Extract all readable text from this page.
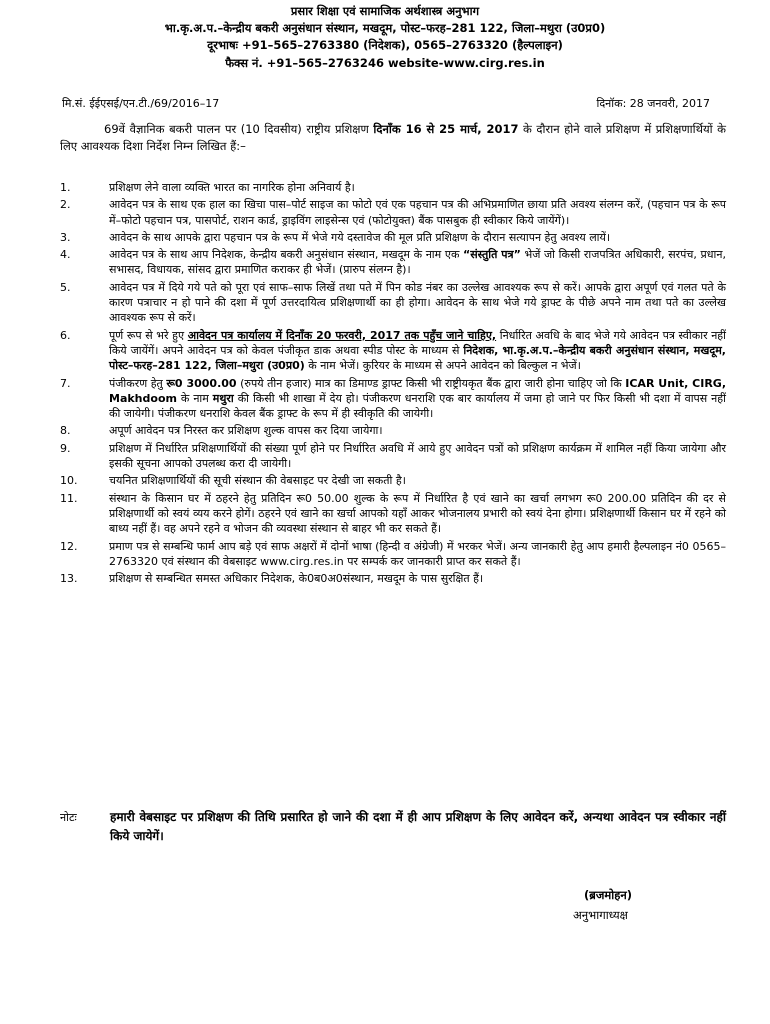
प्रसार शिक्षा एवं सामाजिक अर्थशास्त्र अनुभाग
भा.कृ.अ.प.–केन्द्रीय बकरी अनुसंधान संस्थान, मखदूम, पोस्ट–फरह–281 122, जिला–मथुरा (उ0प्र0)
दूरभाषः +91–565–2763380 (निदेशक), 0565–2763320 (हैल्पलाइन)
फैक्स नं. +91–565–2763246 website-www.cirg.res.in
मि.सं. ईईएसई/एन.टी./69/2016–17	दिनॉक: 28 जनवरी, 2017
69वें वैज्ञानिक बकरी पालन पर (10 दिवसीय) राष्ट्रीय प्रशिक्षण दिनॉंक 16 से 25 मार्च, 2017 के दौरान होने वाले प्रशिक्षण में प्रशिक्षणार्थियों के लिए आवश्यक दिशा निर्देश निम्न लिखित हैं:–
1.	प्रशिक्षण लेने वाला व्यक्ति भारत का नागरिक होना अनिवार्य है।
2.	आवेदन पत्र के साथ एक हाल का खिचा पास–पोर्ट साइज का फोटो एवं एक पहचान पत्र की अभिप्रमाणित छाया प्रति अवश्य संलग्न करें, (पहचान पत्र के रूप में–फोटो पहचान पत्र, पासपोर्ट, राशन कार्ड, ड्राइविंग लाइसेन्स एवं (फोटोयुक्त) बैंक पासबुक ही स्वीकार किये जायेंगें)।
3.	आवेदन के साथ आपके द्वारा पहचान पत्र के रूप में भेजे गये दस्तावेज की मूल प्रति प्रशिक्षण के दौरान सत्यापन हेतु अवश्य लायें।
4.	आवेदन पत्र के साथ आप निदेशक, केन्द्रीय बकरी अनुसंधान संस्थान, मखदूम के नाम एक “संस्तुति पत्र” भेजें जो किसी राजपत्रित अधिकारी, सरपंच, प्रधान, सभासद, विधायक, सांसद द्वारा प्रमाणित कराकर ही भेजें। (प्रारुप संलग्न है)।
5.	आवेदन पत्र में दिये गये पते को पूरा एवं साफ–साफ लिखें तथा पते में पिन कोड नंबर का उल्लेख आवश्यक रूप से करें। आपके द्वारा अपूर्ण एवं गलत पते के कारण पत्राचार न हो पाने की दशा में पूर्ण उत्तरदायित्व प्रशिक्षणार्थी का ही होगा। आवेदन के साथ भेजे गये ड्राफ्ट के पीछे अपने नाम तथा पते का उल्लेख आवश्यक रूप से करें।
6.	पूर्ण रूप से भरे हुए आवेदन पत्र कार्यालय में दिनॉंक 20 फरवरी, 2017 तक पहुँच जाने चाहिए, निर्धारित अवधि के बाद भेजे गये आवेदन पत्र स्वीकार नहीं किये जायेंगें। अपने आवेदन पत्र को केवल पंजीकृत डाक अथवा स्पीड पोस्ट के माध्यम से निदेशक, भा.कृ.अ.प.–केन्द्रीय बकरी अनुसंधान संस्थान, मखदूम, पोस्ट–फरह–281 122, जिला–मथुरा (उ0प्र0) के नाम भेजें। कुरियर के माध्यम से अपने आवेदन को बिल्कुल न भेजें।
7.	पंजीकरण हेतु रू0 3000.00 (रुपये तीन हजार) मात्र का डिमाण्ड ड्राफ्ट किसी भी राष्ट्रीयकृत बैंक द्वारा जारी होना चाहिए जो कि ICAR Unit, CIRG, Makhdoom के नाम मथुरा की किसी भी शाखा में देय हो। पंजीकरण धनराशि एक बार कार्यालय में जमा हो जाने पर फिर किसी भी दशा में वापस नहीं की जायेगी। पंजीकरण धनराशि केवल बैंक ड्राफ्ट के रूप में ही स्वीकृति की जायेगी।
8.	अपूर्ण आवेदन पत्र निरस्त कर प्रशिक्षण शुल्क वापस कर दिया जायेगा।
9.	प्रशिक्षण में निर्धारित प्रशिक्षणार्थियों की संख्या पूर्ण होने पर निर्धारित अवधि में आये हुए आवेदन पत्रों को प्रशिक्षण कार्यक्रम में शामिल नहीं किया जायेगा और इसकी सूचना आपको उपलब्ध करा दी जायेगी।
10.	चयनित प्रशिक्षणार्थियों की सूची संस्थान की वेबसाइट पर देखी जा सकती है।
11.	संस्थान के किसान घर में ठहरने हेतु प्रतिदिन रू0 50.00 शुल्क के रूप में निर्धारित है एवं खाने का खर्चा लगभग रू0 200.00 प्रतिदिन की दर से प्रशिक्षणार्थी को स्वयं व्यय करने होगें। ठहरने एवं खाने का खर्चा आपको यहाँ आकर भोजनालय प्रभारी को स्वयं देना होगा। प्रशिक्षणार्थी किसान घर में रहने को बाध्य नहीं हैं। वह अपने रहने व भोजन की व्यवस्था संस्थान से बाहर भी कर सकते हैं।
12.	प्रमाण पत्र से सम्बन्धि फार्म आप बड़े एवं साफ अक्षरों में दोनों भाषा (हिन्दी व अंग्रेजी) में भरकर भेजें। अन्य जानकारी हेतु आप हमारी हैल्पलाइन नं0 0565–2763320 एवं संस्थान की वेबसाइट www.cirg.res.in पर सम्पर्क कर जानकारी प्राप्त कर सकते हैं।
13.	प्रशिक्षण से सम्बन्धित समस्त अधिकार निदेशक, के0ब0अ0संस्थान, मखदूम के पास सुरक्षित हैं।
नोटः	हमारी वेबसाइट पर प्रशिक्षण की तिथि प्रसारित हो जाने की दशा में ही आप प्रशिक्षण के लिए आवेदन करें, अन्यथा आवेदन पत्र स्वीकार नहीं किये जायेगें।
(ब्रजमोहन)
अनुभागाध्यक्ष
